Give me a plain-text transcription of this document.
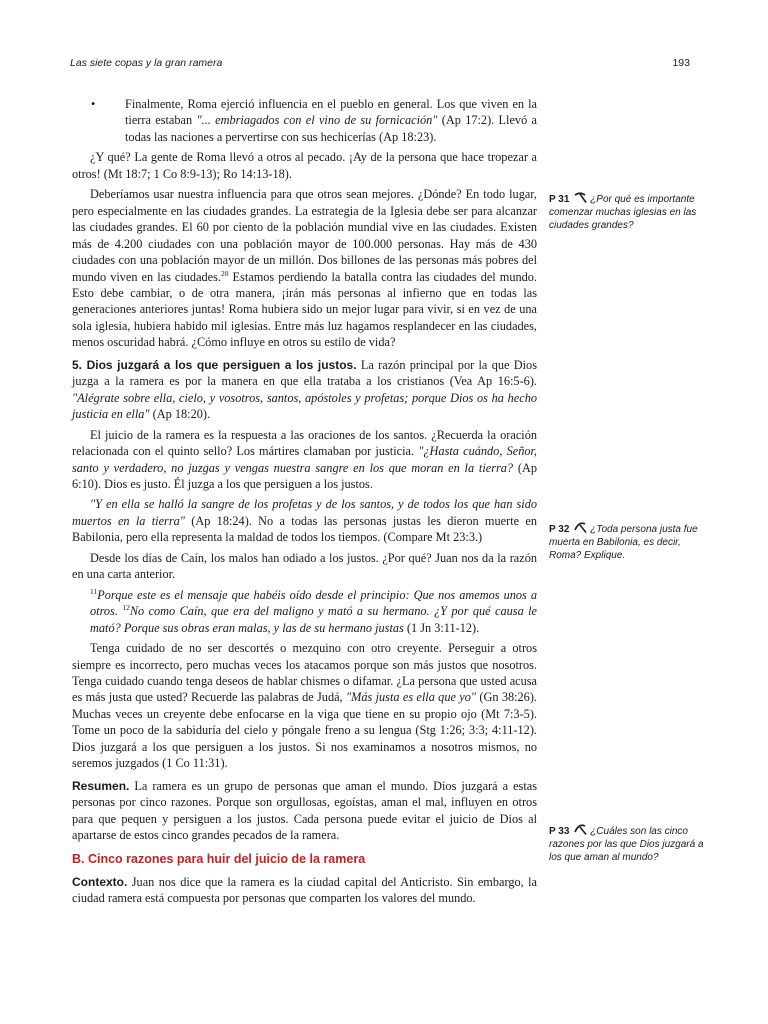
Las siete copas y la gran ramera	193
•	Finalmente, Roma ejerció influencia en el pueblo en general. Los que viven en la tierra estaban "... embriagados con el vino de su fornicación" (Ap 17:2). Llevó a todas las naciones a pervertirse con sus hechicerías (Ap 18:23).

¿Y qué? La gente de Roma llevó a otros al pecado. ¡Ay de la persona que hace tropezar a otros! (Mt 18:7; 1 Co 8:9-13); Ro 14:13-18).

Deberíamos usar nuestra influencia para que otros sean mejores. ¿Dónde? En todo lugar, pero especialmente en las ciudades grandes. La estrategia de la Iglesia debe ser para alcanzar las ciudades grandes. El 60 por ciento de la población mundial vive en las ciudades. Existen más de 4.200 ciudades con una población mayor de 100.000 personas. Hay más de 430 ciudades con una población mayor de un millón. Dos billones de las personas más pobres del mundo viven en las ciudades.$^{20}$ Estamos perdiendo la batalla contra las ciudades del mundo. Esto debe cambiar, o de otra manera, ¡irán más personas al infierno que en todas las generaciones anteriores juntas! Roma hubiera sido un mejor lugar para vivir, si en vez de una sola iglesia, hubiera habido mil iglesias. Entre más luz hagamos resplandecer en las ciudades, menos oscuridad habrá. ¿Cómo influye en otros su estilo de vida?

5. Dios juzgará a los que persiguen a los justos. La razón principal por la que Dios juzga a la ramera es por la manera en que ella trataba a los cristianos (Vea Ap 16:5-6). "Alégrate sobre ella, cielo, y vosotros, santos, apóstoles y profetas; porque Dios os ha hecho justicia en ella" (Ap 18:20).

El juicio de la ramera es la respuesta a las oraciones de los santos. ¿Recuerda la oración relacionada con el quinto sello? Los mártires clamaban por justicia. "¿Hasta cuándo, Señor, santo y verdadero, no juzgas y vengas nuestra sangre en los que moran en la tierra? (Ap 6:10). Dios es justo. Él juzga a los que persiguen a los justos.

"Y en ella se halló la sangre de los profetas y de los santos, y de todos los que han sido muertos en la tierra" (Ap 18:24). No a todas las personas justas les dieron muerte en Babilonia, pero ella representa la maldad de todos los tiempos. (Compare Mt 23:3.)

Desde los días de Caín, los malos han odiado a los justos. ¿Por qué? Juan nos da la razón en una carta anterior.

$^{11}$Porque este es el mensaje que habéis oído desde el principio: Que nos amemos unos a otros. $^{12}$No como Caín, que era del maligno y mató a su hermano. ¿Y por qué causa le mató? Porque sus obras eran malas, y las de su hermano justas (1 Jn 3:11-12).

Tenga cuidado de no ser descortés o mezquino con otro creyente. Perseguir a otros siempre es incorrecto, pero muchas veces los atacamos porque son más justos que nosotros. Tenga cuidado cuando tenga deseos de hablar chismes o difamar. ¿La persona que usted acusa es más justa que usted? Recuerde las palabras de Judá, "Más justa es ella que yo" (Gn 38:26). Muchas veces un creyente debe enfocarse en la viga que tiene en su propio ojo (Mt 7:3-5). Tome un poco de la sabiduría del cielo y póngale freno a su lengua (Stg 1:26; 3:3; 4:11-12). Dios juzgará a los que persiguen a los justos. Si nos examinamos a nosotros mismos, no seremos juzgados (1 Co 11:31).

Resumen. La ramera es un grupo de personas que aman el mundo. Dios juzgará a estas personas por cinco razones. Porque son orgullosas, egoístas, aman el mal, influyen en otros para que pequen y persiguen a los justos. Cada persona puede evitar el juicio de Dios al apartarse de estos cinco grandes pecados de la ramera.

B. Cinco razones para huir del juicio de la ramera

Contexto. Juan nos dice que la ramera es la ciudad capital del Anticristo. Sin embargo, la ciudad ramera está compuesta por personas que comparten los valores del mundo.

P 31 ¿Por qué es importante comenzar muchas iglesias en las ciudades grandes?
P 32 ¿Toda persona justa fue muerta en Babilonia, es decir, Roma? Explique.
P 33 ¿Cuáles son las cinco razones por las que Dios juzgará a los que aman al mundo?
